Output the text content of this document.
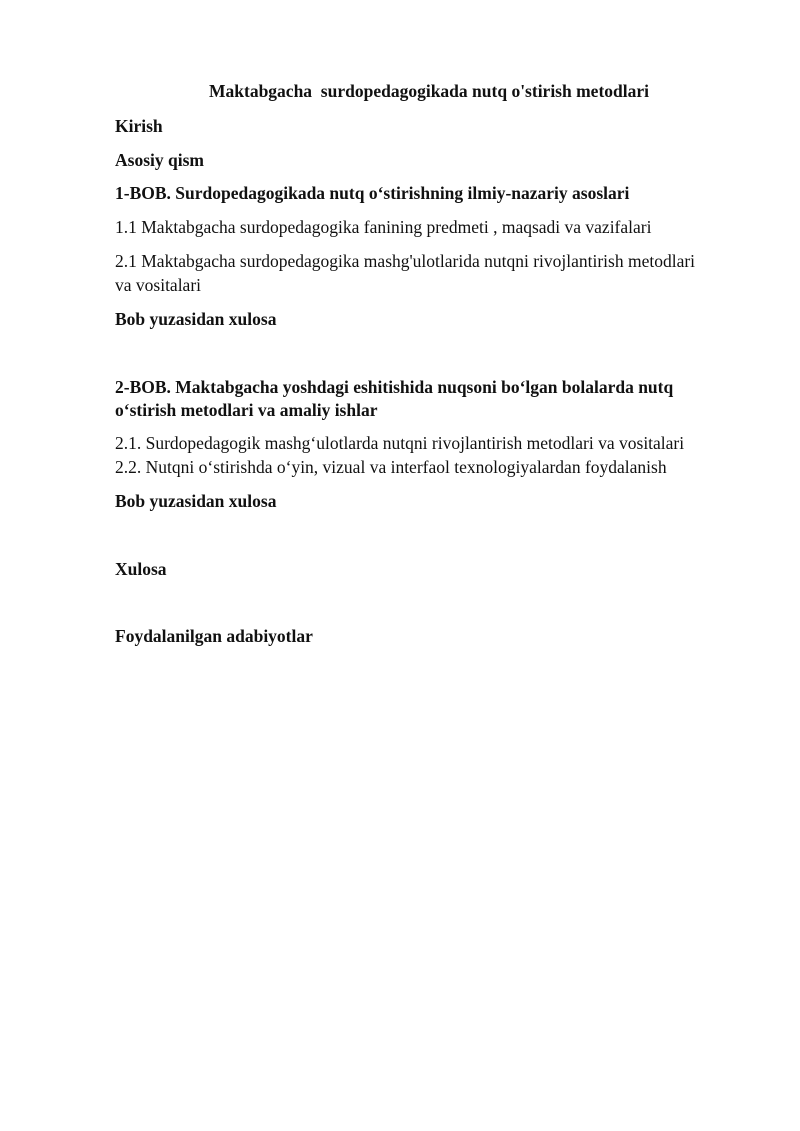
Maktabgacha  surdopedagogikada nutq o'stirish metodlari
Kirish
Asosiy qism
1-BOB. Surdopedagogikada nutq o‘stirishning ilmiy-nazariy asoslari
1.1 Maktabgacha surdopedagogika fanining predmeti , maqsadi va vazifalari
2.1 Maktabgacha surdopedagogika mashg'ulotlarida nutqni rivojlantirish metodlari
va vositalari
Bob yuzasidan xulosa
2-BOB. Maktabgacha yoshdagi eshitishida nuqsoni bo‘lgan bolalarda nutq
o‘stirish metodlari va amaliy ishlar
2.1. Surdopedagogik mashg‘ulotlarda nutqni rivojlantirish metodlari va vositalari
2.2. Nutqni o‘stirishda o‘yin, vizual va interfaol texnologiyalardan foydalanish
Bob yuzasidan xulosa
Xulosa
Foydalanilgan adabiyotlar
